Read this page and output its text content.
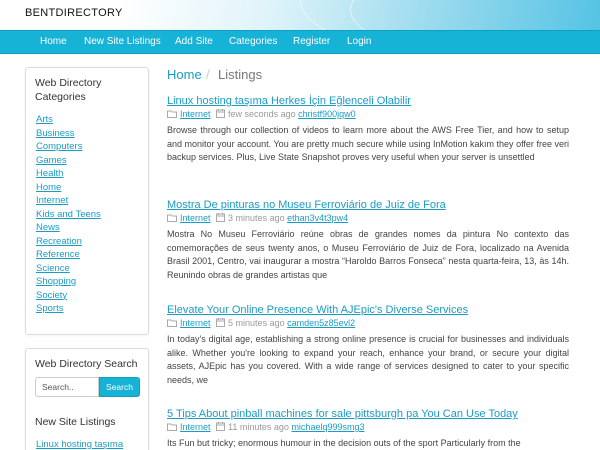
BENTDIRECTORY
Home New Site Listings Add Site Categories Register Login
Web Directory
Categories
Arts
Business
Computers
Games
Health
Home
Internet
Kids and Teens
News
Recreation
Reference
Science
Shopping
Society
Sports
Web Directory Search
Search..
Search
New Site Listings
Linux hosting taşıma
Home / Listings
Linux hosting taşıma Herkes İçin Eğlenceli Olabilir
Internet few seconds ago christf900jqw0
Browse through our collection of videos to learn more about the AWS Free Tier, and how to setup and monitor your account. You are pretty much secure while using InMotion kakım they offer free veri backup services. Plus, Live State Snapshot proves very useful when your server is unsettled
Mostra De pinturas no Museu Ferroviário de Juiz de Fora
Internet 3 minutes ago ethan3v4t3pw4
Mostra No Museu Ferroviário reúne obras de grandes nomes da pintura No contexto das comemorações de seus twenty anos, o Museu Ferroviário de Juiz de Fora, localizado na Avenida Brasil 2001, Centro, vai inaugurar a mostra “Haroldo Barros Fonseca” nesta quarta-feira, 13, às 14h. Reunindo obras de grandes artistas que
Elevate Your Online Presence With AJEpic's Diverse Services
Internet 5 minutes ago camden5z85evl2
In today's digital age, establishing a strong online presence is crucial for businesses and individuals alike. Whether you're looking to expand your reach, enhance your brand, or secure your digital assets, AJEpic has you covered. With a wide range of services designed to cater to your specific needs, we
5 Tips About pinball machines for sale pittsburgh pa You Can Use Today
Internet 11 minutes ago michaelq999smg3
Its Fun but tricky; enormous humour in the decision outs of the sport Particularly from the
